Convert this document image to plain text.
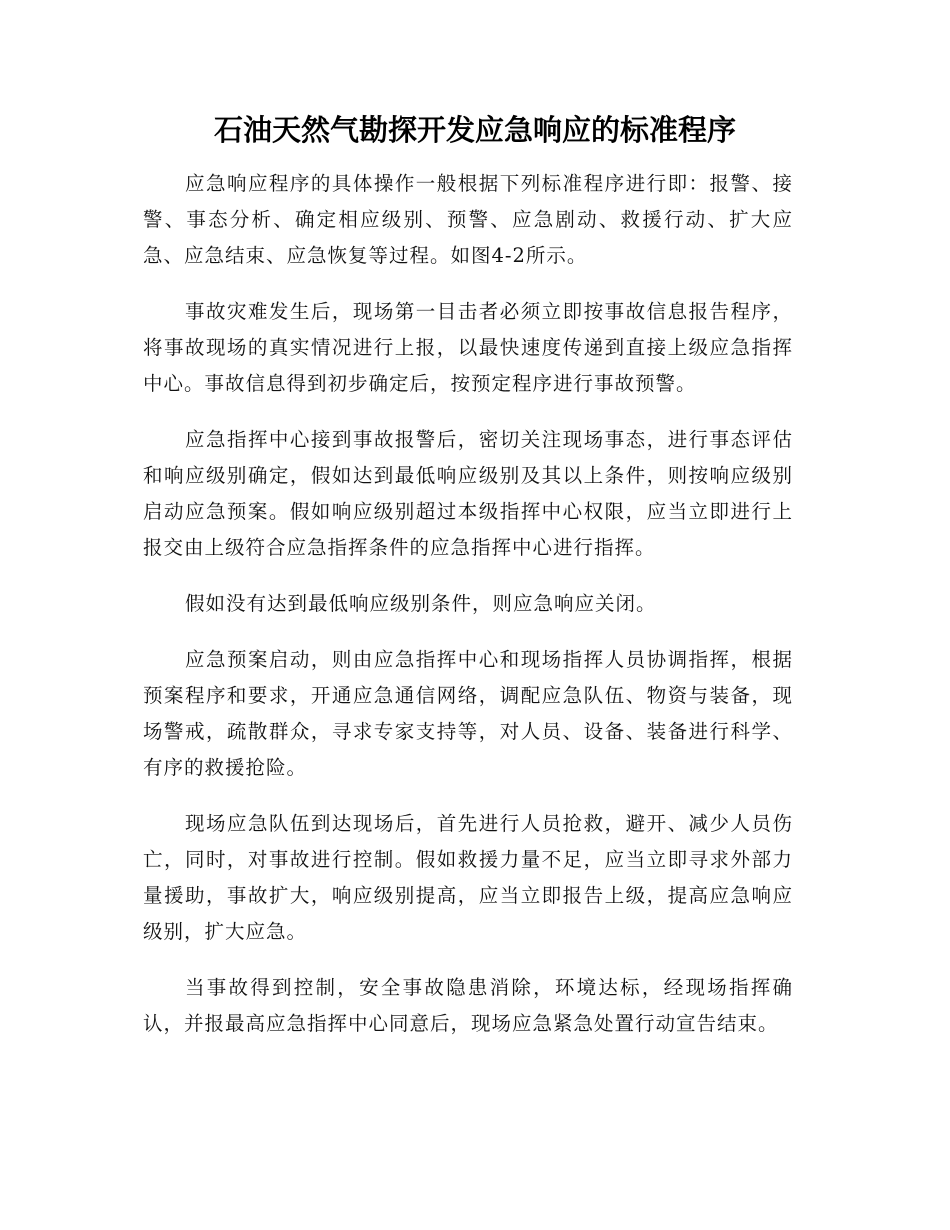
石油天然气勘探开发应急响应的标准程序

应急响应程序的具体操作一般根据下列标准程序进行即：报警、接警、事态分析、确定相应级别、预警、应急剧动、救援行动、扩大应急、应急结束、应急恢复等过程。如图4-2所示。

事故灾难发生后，现场第一目击者必须立即按事故信息报告程序，将事故现场的真实情况进行上报，以最快速度传递到直接上级应急指挥中心。事故信息得到初步确定后，按预定程序进行事故预警。

应急指挥中心接到事故报警后，密切关注现场事态，进行事态评估和响应级别确定，假如达到最低响应级别及其以上条件，则按响应级别启动应急预案。假如响应级别超过本级指挥中心权限，应当立即进行上报交由上级符合应急指挥条件的应急指挥中心进行指挥。

假如没有达到最低响应级别条件，则应急响应关闭。

应急预案启动，则由应急指挥中心和现场指挥人员协调指挥，根据预案程序和要求，开通应急通信网络，调配应急队伍、物资与装备，现场警戒，疏散群众，寻求专家支持等，对人员、设备、装备进行科学、有序的救援抢险。

现场应急队伍到达现场后，首先进行人员抢救，避开、减少人员伤亡，同时，对事故进行控制。假如救援力量不足，应当立即寻求外部力量援助，事故扩大，响应级别提高，应当立即报告上级，提高应急响应级别，扩大应急。

当事故得到控制，安全事故隐患消除，环境达标，经现场指挥确认，并报最高应急指挥中心同意后，现场应急紧急处置行动宣告结束。
